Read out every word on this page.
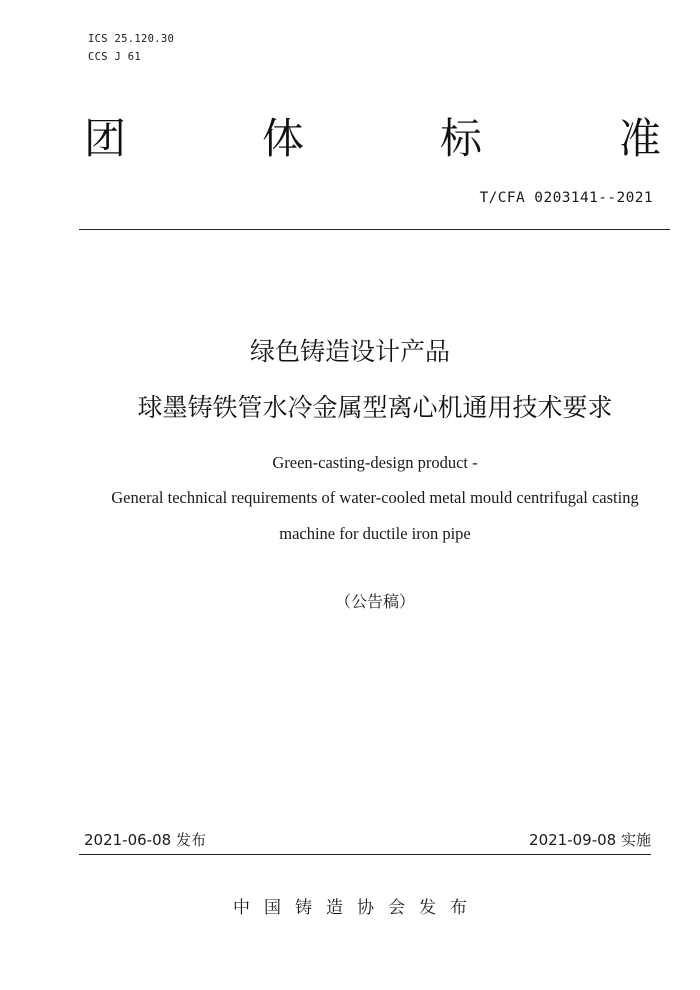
ICS 25.120.30
CCS J 61
团	体	标	准
T/CFA 0203141--2021
绿色铸造设计产品
球墨铸铁管水冷金属型离心机通用技术要求
Green-casting-design product -
General technical requirements of water-cooled metal mould centrifugal casting
machine for ductile iron pipe
（公告稿）
2021-06-08 发布	2021-09-08 实施
中国铸造协会发布
